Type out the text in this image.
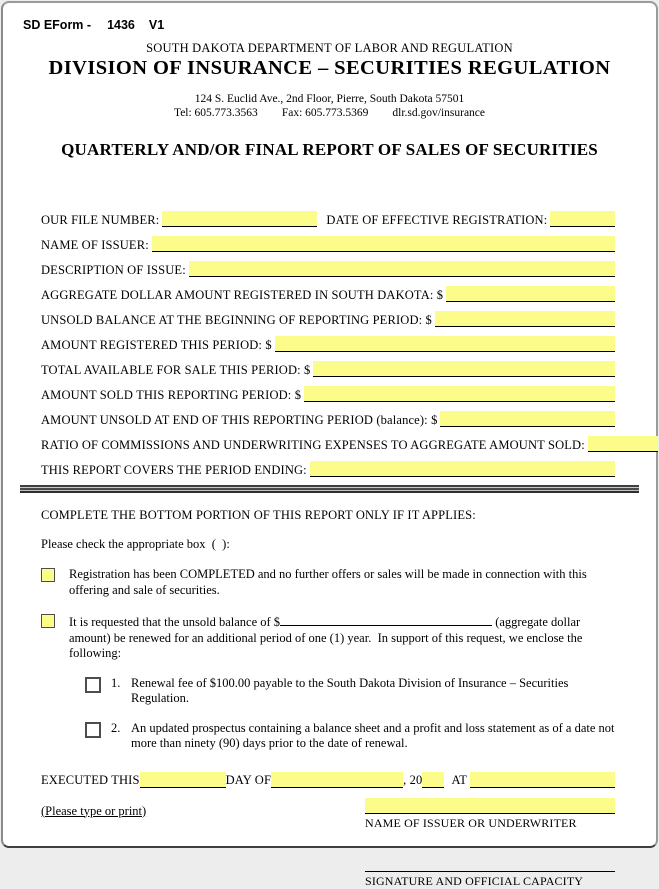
SD EForm - 1436 V1
SOUTH DAKOTA DEPARTMENT OF LABOR AND REGULATION
DIVISION OF INSURANCE – SECURITIES REGULATION
124 S. Euclid Ave., 2nd Floor, Pierre, South Dakota 57501
Tel: 605.773.3563 Fax: 605.773.5369 dlr.sd.gov/insurance
QUARTERLY AND/OR FINAL REPORT OF SALES OF SECURITIES
OUR FILE NUMBER:	DATE OF EFFECTIVE REGISTRATION:
NAME OF ISSUER:
DESCRIPTION OF ISSUE:
AGGREGATE DOLLAR AMOUNT REGISTERED IN SOUTH DAKOTA: $
UNSOLD BALANCE AT THE BEGINNING OF REPORTING PERIOD: $
AMOUNT REGISTERED THIS PERIOD: $
TOTAL AVAILABLE FOR SALE THIS PERIOD: $
AMOUNT SOLD THIS REPORTING PERIOD: $
AMOUNT UNSOLD AT END OF THIS REPORTING PERIOD (balance): $
RATIO OF COMMISSIONS AND UNDERWRITING EXPENSES TO AGGREGATE AMOUNT SOLD:
THIS REPORT COVERS THE PERIOD ENDING:
COMPLETE THE BOTTOM PORTION OF THIS REPORT ONLY IF IT APPLIES:
Please check the appropriate box  (  ):
Registration has been COMPLETED and no further offers or sales will be made in connection with this offering and sale of securities.
It is requested that the unsold balance of $	(aggregate dollar amount) be renewed for an additional period of one (1) year.  In support of this request, we enclose the following:
1. Renewal fee of $100.00 payable to the South Dakota Division of Insurance – Securities Regulation.
2. An updated prospectus containing a balance sheet and a profit and loss statement as of a date not more than ninety (90) days prior to the date of renewal.
EXECUTED THIS	DAY OF	, 20 AT
(Please type or print)
NAME OF ISSUER OR UNDERWRITER
SIGNATURE AND OFFICIAL CAPACITY
